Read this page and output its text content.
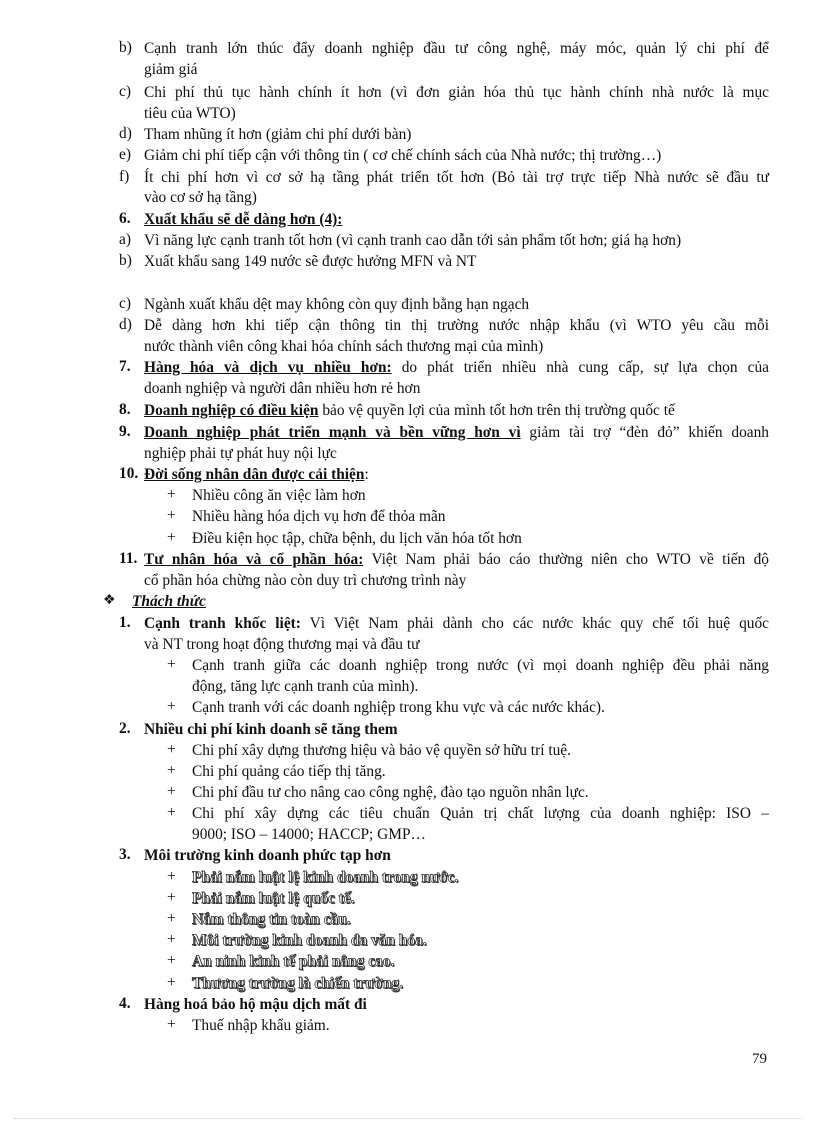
b) Cạnh tranh lớn thúc đẩy doanh nghiệp đầu tư công nghệ, máy móc, quản lý chi phí để
giảm giá
c) Chi phí thủ tục hành chính ít hơn (vì đơn giản hóa thủ tục hành chính nhà nước là mục
tiêu của WTO)
d) Tham nhũng ít hơn (giảm chi phí dưới bàn)
e) Giảm chi phí tiếp cận với thông tin ( cơ chế chính sách của Nhà nước; thị trường…)
f) Ít chi phí hơn vì cơ sở hạ tầng phát triển tốt hơn (Bỏ tài trợ trực tiếp Nhà nước sẽ đầu tư
vào cơ sở hạ tầng)
6. Xuất khẩu sẽ dễ dàng hơn (4):
a) Vì năng lực cạnh tranh tốt hơn (vì cạnh tranh cao dẫn tới sản phẩm tốt hơn; giá hạ hơn)
b) Xuất khẩu sang 149 nước sẽ được hưởng MFN và NT
c) Ngành xuất khẩu dệt may không còn quy định bằng hạn ngạch
d) Dễ dàng hơn khi tiếp cận thông tin thị trường nước nhập khẩu (vì WTO yêu cầu mỗi
nước thành viên công khai hóa chính sách thương mại của mình)
7. Hàng hóa và dịch vụ nhiều hơn: do phát triển nhiều nhà cung cấp, sự lựa chọn của
doanh nghiệp và người dân nhiều hơn rẻ hơn
8. Doanh nghiệp có điều kiện bảo vệ quyền lợi của mình tốt hơn trên thị trường quốc tế
9. Doanh nghiệp phát triển mạnh và bền vững hơn vì giảm tài trợ “đèn đỏ” khiến doanh
nghiệp phải tự phát huy nội lực
10. Đời sống nhân dân được cải thiện:
+ Nhiều công ăn việc làm hơn
+ Nhiều hàng hóa dịch vụ hơn để thỏa mãn
+ Điều kiện học tập, chữa bệnh, du lịch văn hóa tốt hơn
11. Tư nhân hóa và cổ phần hóa: Việt Nam phải báo cáo thường niên cho WTO về tiến độ
cổ phần hóa chừng nào còn duy trì chương trình này
❖ Thách thức
1. Cạnh tranh khốc liệt: Vì Việt Nam phải dành cho các nước khác quy chế tối huệ quốc
và NT trong hoạt động thương mại và đầu tư
+ Cạnh tranh giữa các doanh nghiệp trong nước (vì mọi doanh nghiệp đều phải năng
động, tăng lực cạnh tranh của mình).
+ Cạnh tranh với các doanh nghiệp trong khu vực và các nước khác).
2. Nhiều chi phí kinh doanh sẽ tăng them
+ Chi phí xây dựng thương hiệu và bảo vệ quyền sở hữu trí tuệ.
+ Chi phí quảng cáo tiếp thị tăng.
+ Chi phí đầu tư cho nâng cao công nghệ, đào tạo nguồn nhân lực.
+ Chi phí xây dựng các tiêu chuẩn Quản trị chất lượng của doanh nghiệp: ISO –
9000; ISO – 14000; HACCP; GMP…
3. Môi trường kinh doanh phức tạp hơn
+ Phải nắm luật lệ kinh doanh trong nước.
+ Phải nắm luật lệ quốc tế.
+ Nắm thông tin toàn cầu.
+ Môi trường kinh doanh đa văn hóa.
+ An ninh kinh tế phải nâng cao.
+ Thương trường là chiến trường.
4. Hàng hoá bảo hộ mậu dịch mất đi
+ Thuế nhập khẩu giảm.
79
